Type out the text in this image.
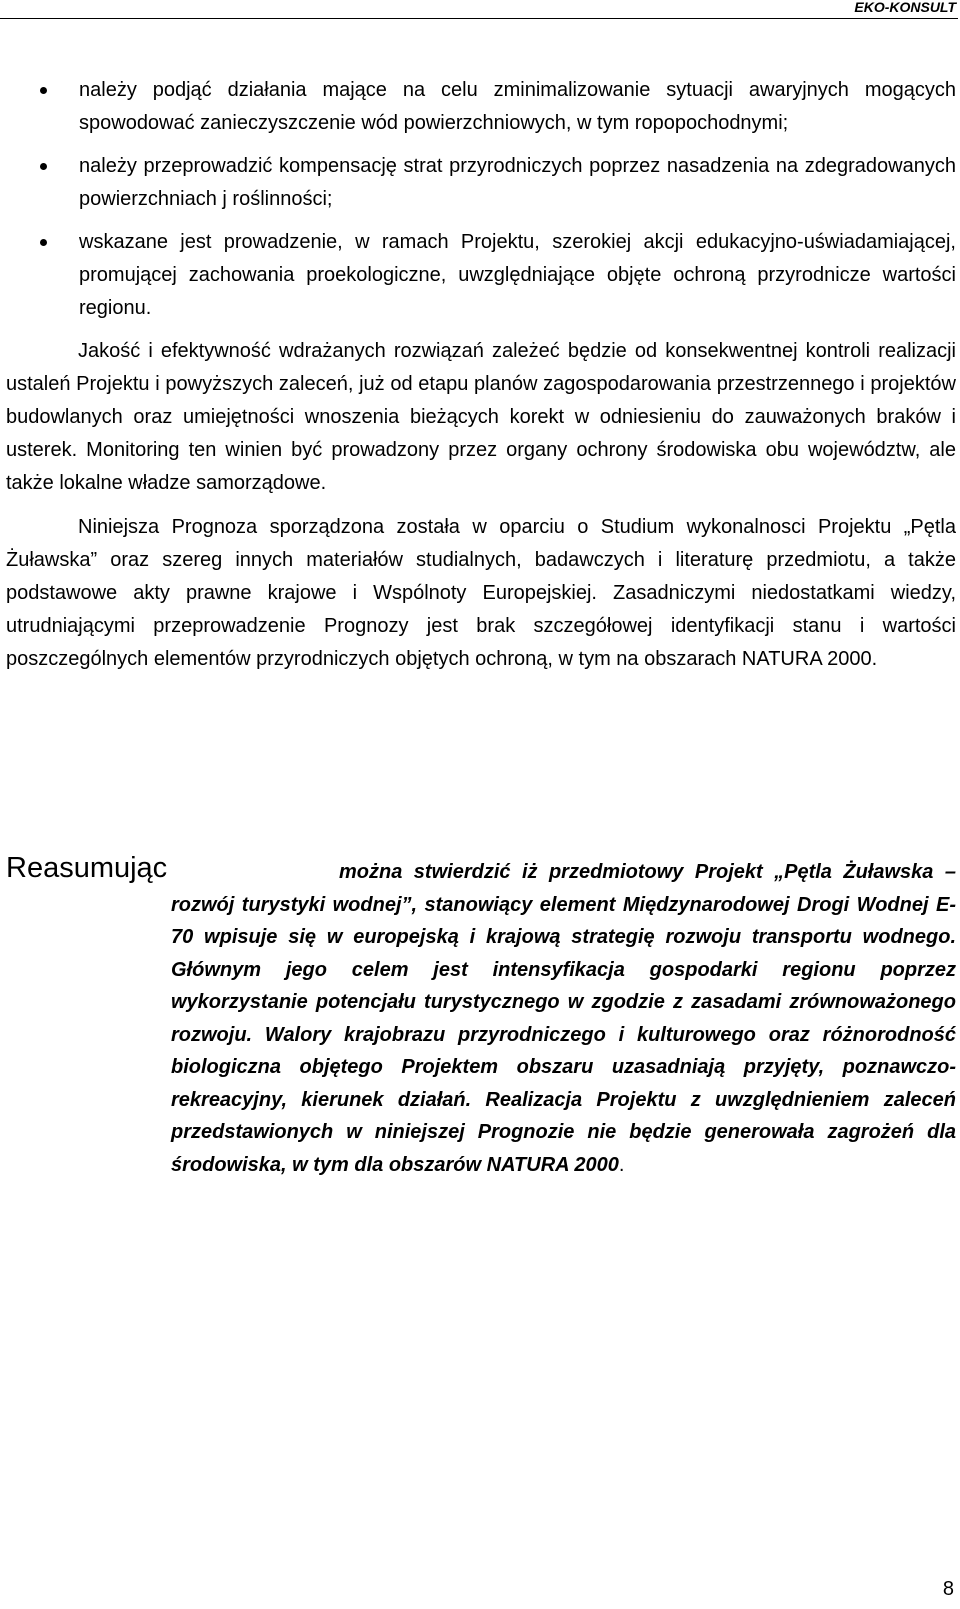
EKO-KONSULT
należy podjąć działania mające na celu zminimalizowanie sytuacji awaryjnych mogących spowodować zanieczyszczenie wód powierzchniowych, w tym ropopochodnymi;
należy przeprowadzić kompensację strat przyrodniczych poprzez nasadzenia na zdegradowanych powierzchniach j roślinności;
wskazane jest prowadzenie, w ramach Projektu, szerokiej akcji edukacyjno-uświadamiającej, promującej zachowania proekologiczne, uwzględniające objęte ochroną przyrodnicze wartości regionu.

Jakość i efektywność wdrażanych rozwiązań zależeć będzie od konsekwentnej kontroli realizacji ustaleń Projektu i powyższych zaleceń, już od etapu planów zagospodarowania przestrzennego i projektów budowlanych oraz umiejętności wnoszenia bieżących korekt w odniesieniu do zauważonych braków i usterek. Monitoring ten winien być prowadzony przez organy ochrony środowiska obu województw, ale także lokalne władze samorządowe.

Niniejsza Prognoza sporządzona została w oparciu o Studium wykonalnosci Projektu „Pętla Żuławska” oraz szereg innych materiałów studialnych, badawczych i literaturę przedmiotu, a także podstawowe akty prawne krajowe i Wspólnoty Europejskiej. Zasadniczymi niedostatkami wiedzy, utrudniającymi przeprowadzenie Prognozy jest brak szczegółowej identyfikacji stanu i wartości poszczególnych elementów przyrodniczych objętych ochroną, w tym na obszarach NATURA 2000.

Reasumując	można stwierdzić iż przedmiotowy Projekt „Pętla Żuławska – rozwój turystyki wodnej”, stanowiący element Międzynarodowej Drogi Wodnej E-70 wpisuje się w europejską i krajową strategię rozwoju transportu wodnego. Głównym jego celem jest intensyfikacja gospodarki regionu poprzez wykorzystanie potencjału turystycznego w zgodzie z zasadami zrównoważonego rozwoju. Walory krajobrazu przyrodniczego i kulturowego oraz różnorodność biologiczna objętego Projektem obszaru uzasadniają przyjęty, poznawczo-rekreacyjny, kierunek działań. Realizacja Projektu z uwzględnieniem zaleceń przedstawionych w niniejszej Prognozie nie będzie generowała zagrożeń dla środowiska, w tym dla obszarów NATURA 2000.
8
